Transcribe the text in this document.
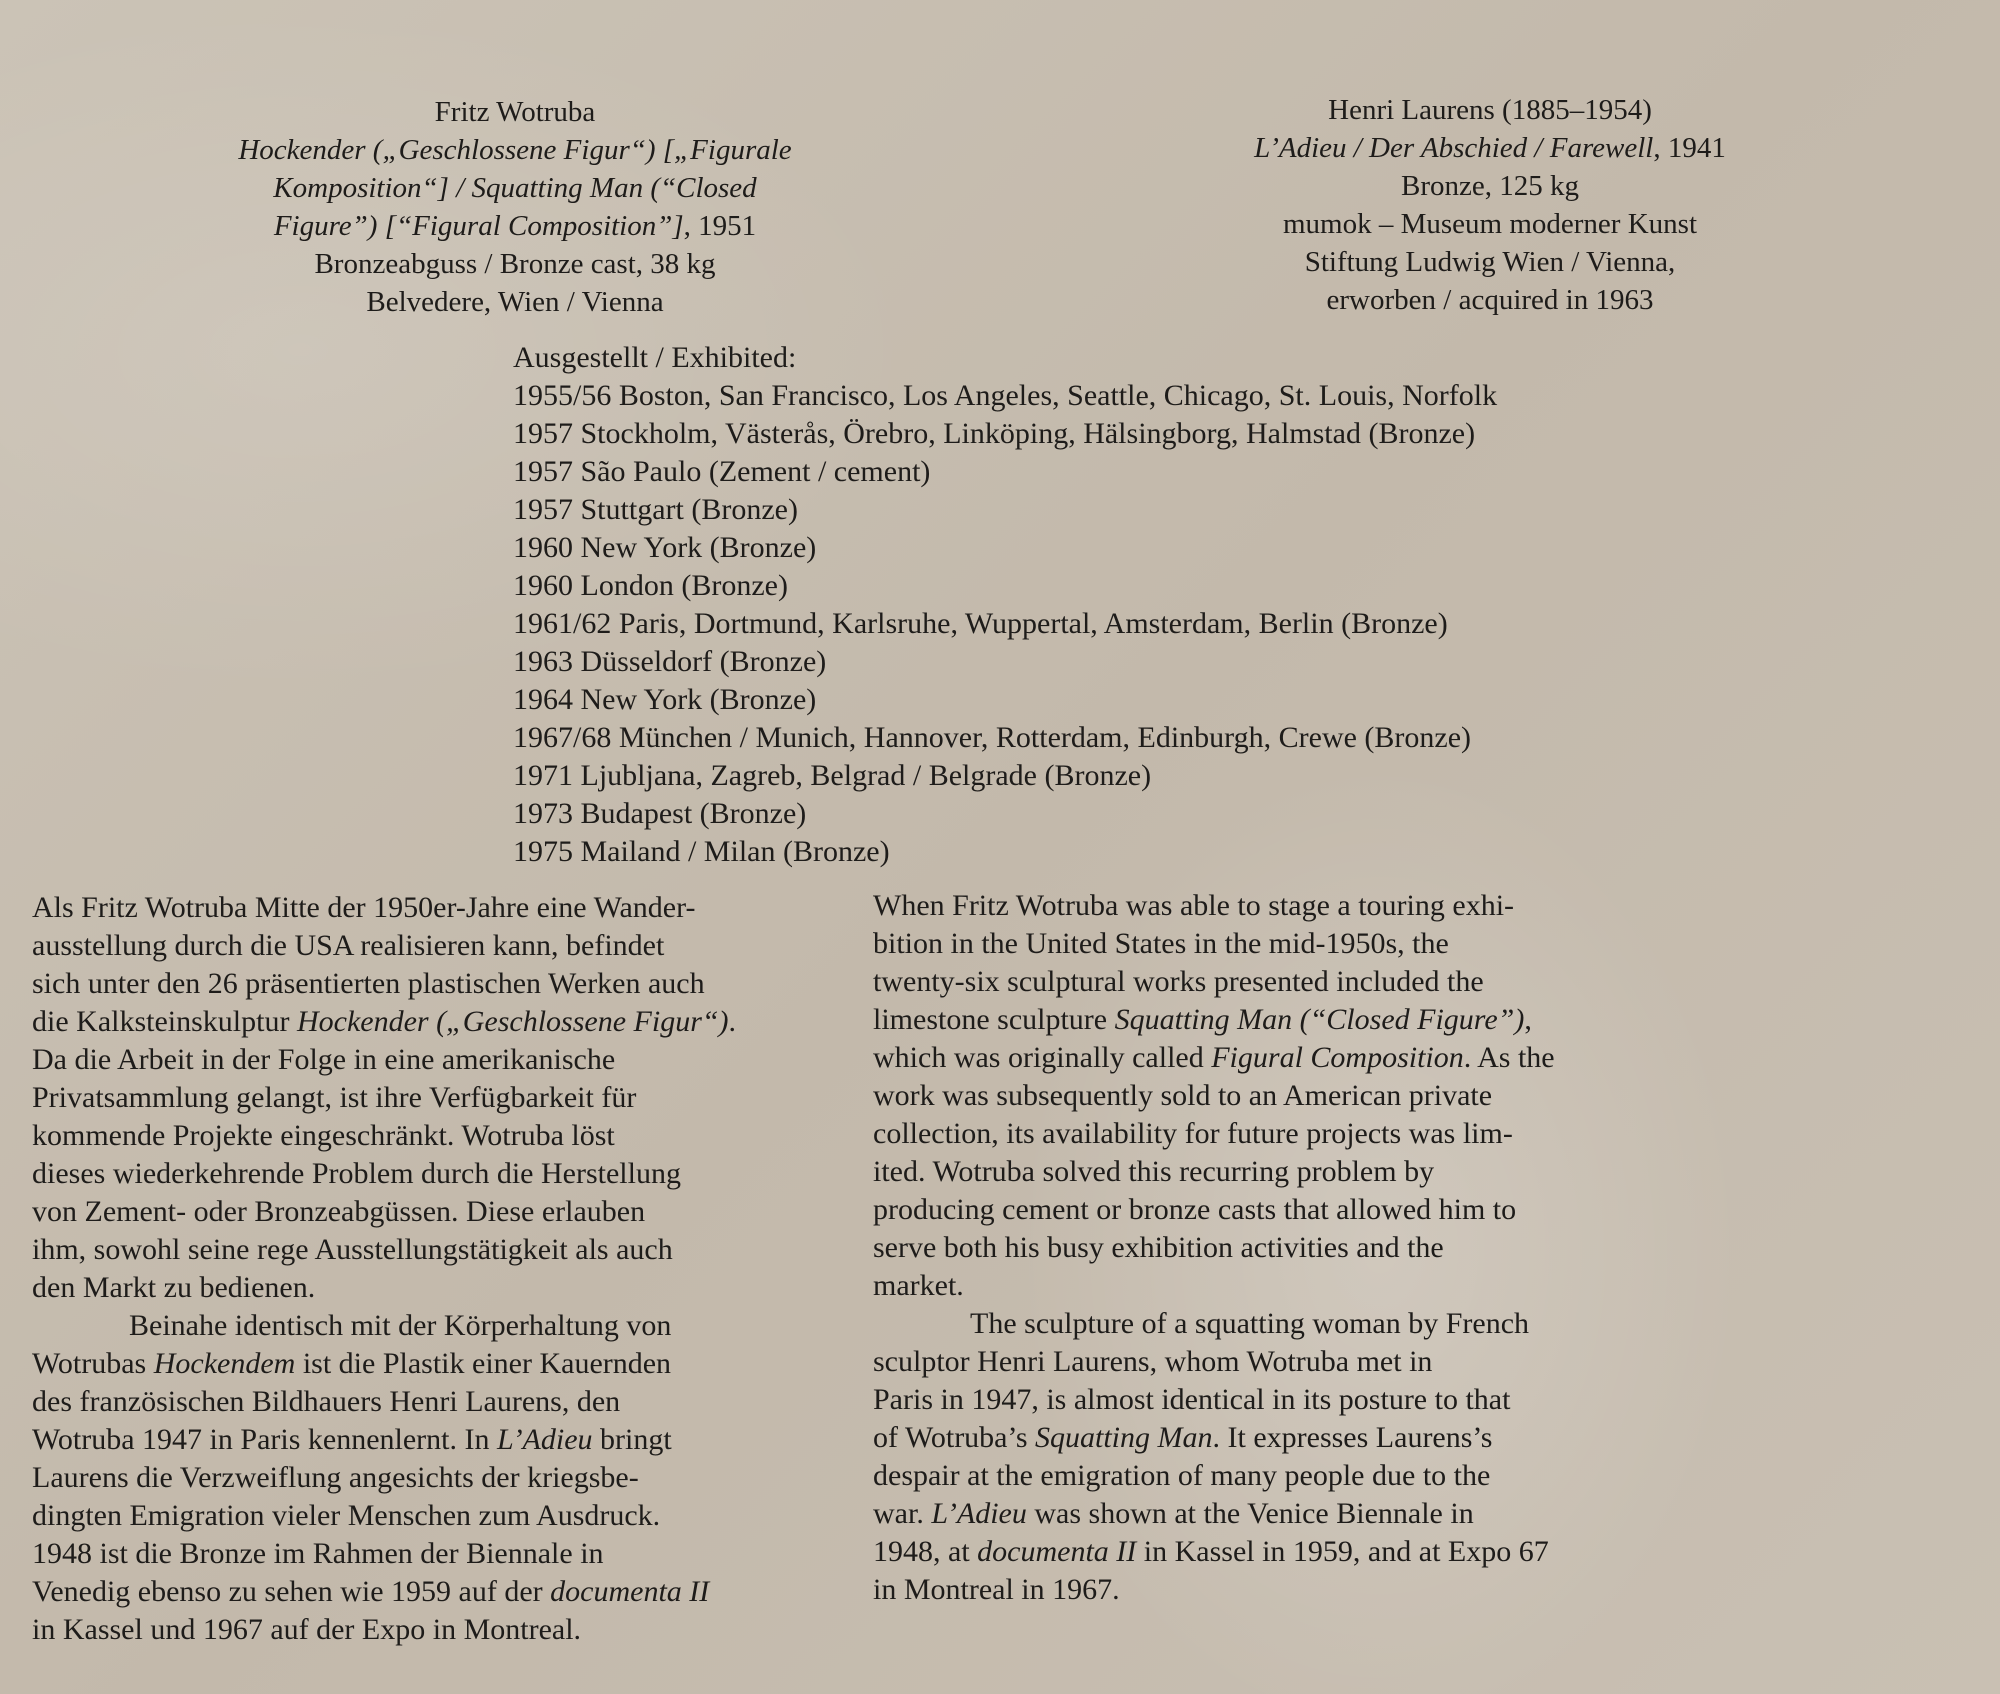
Fritz Wotruba
Hockender („Geschlossene Figur“) [„Figurale
Komposition“] / Squatting Man (“Closed
Figure”) [“Figural Composition”], 1951
Bronzeabguss / Bronze cast, 38 kg
Belvedere, Wien / Vienna
Henri Laurens (1885–1954)
L’Adieu / Der Abschied / Farewell, 1941
Bronze, 125 kg
mumok – Museum moderner Kunst
Stiftung Ludwig Wien / Vienna,
erworben / acquired in 1963
Ausgestellt / Exhibited:
1955/56 Boston, San Francisco, Los Angeles, Seattle, Chicago, St. Louis, Norfolk
1957 Stockholm, Västerås, Örebro, Linköping, Hälsingborg, Halmstad (Bronze)
1957 São Paulo (Zement / cement)
1957 Stuttgart (Bronze)
1960 New York (Bronze)
1960 London (Bronze)
1961/62 Paris, Dortmund, Karlsruhe, Wuppertal, Amsterdam, Berlin (Bronze)
1963 Düsseldorf (Bronze)
1964 New York (Bronze)
1967/68 München / Munich, Hannover, Rotterdam, Edinburgh, Crewe (Bronze)
1971 Ljubljana, Zagreb, Belgrad / Belgrade (Bronze)
1973 Budapest (Bronze)
1975 Mailand / Milan (Bronze)

Als Fritz Wotruba Mitte der 1950er-Jahre eine Wander-
ausstellung durch die USA realisieren kann, befindet
sich unter den 26 präsentierten plastischen Werken auch
die Kalksteinskulptur Hockender („Geschlossene Figur“).
Da die Arbeit in der Folge in eine amerikanische
Privatsammlung gelangt, ist ihre Verfügbarkeit für
kommende Projekte eingeschränkt. Wotruba löst
dieses wiederkehrende Problem durch die Herstellung
von Zement- oder Bronzeabgüssen. Diese erlauben
ihm, sowohl seine rege Ausstellungstätigkeit als auch
den Markt zu bedienen.

Beinahe identisch mit der Körperhaltung von
Wotrubas Hockendem ist die Plastik einer Kauernden
des französischen Bildhauers Henri Laurens, den
Wotruba 1947 in Paris kennenlernt. In L’Adieu bringt
Laurens die Verzweiflung angesichts der kriegsbe-
dingten Emigration vieler Menschen zum Ausdruck.
1948 ist die Bronze im Rahmen der Biennale in
Venedig ebenso zu sehen wie 1959 auf der documenta II
in Kassel und 1967 auf der Expo in Montreal.

When Fritz Wotruba was able to stage a touring exhi-
bition in the United States in the mid-1950s, the
twenty-six sculptural works presented included the
limestone sculpture Squatting Man (“Closed Figure”),
which was originally called Figural Composition. As the
work was subsequently sold to an American private
collection, its availability for future projects was lim-
ited. Wotruba solved this recurring problem by
producing cement or bronze casts that allowed him to
serve both his busy exhibition activities and the
market.

The sculpture of a squatting woman by French
sculptor Henri Laurens, whom Wotruba met in
Paris in 1947, is almost identical in its posture to that
of Wotruba’s Squatting Man. It expresses Laurens’s
despair at the emigration of many people due to the
war. L’Adieu was shown at the Venice Biennale in
1948, at documenta II in Kassel in 1959, and at Expo 67
in Montreal in 1967.
